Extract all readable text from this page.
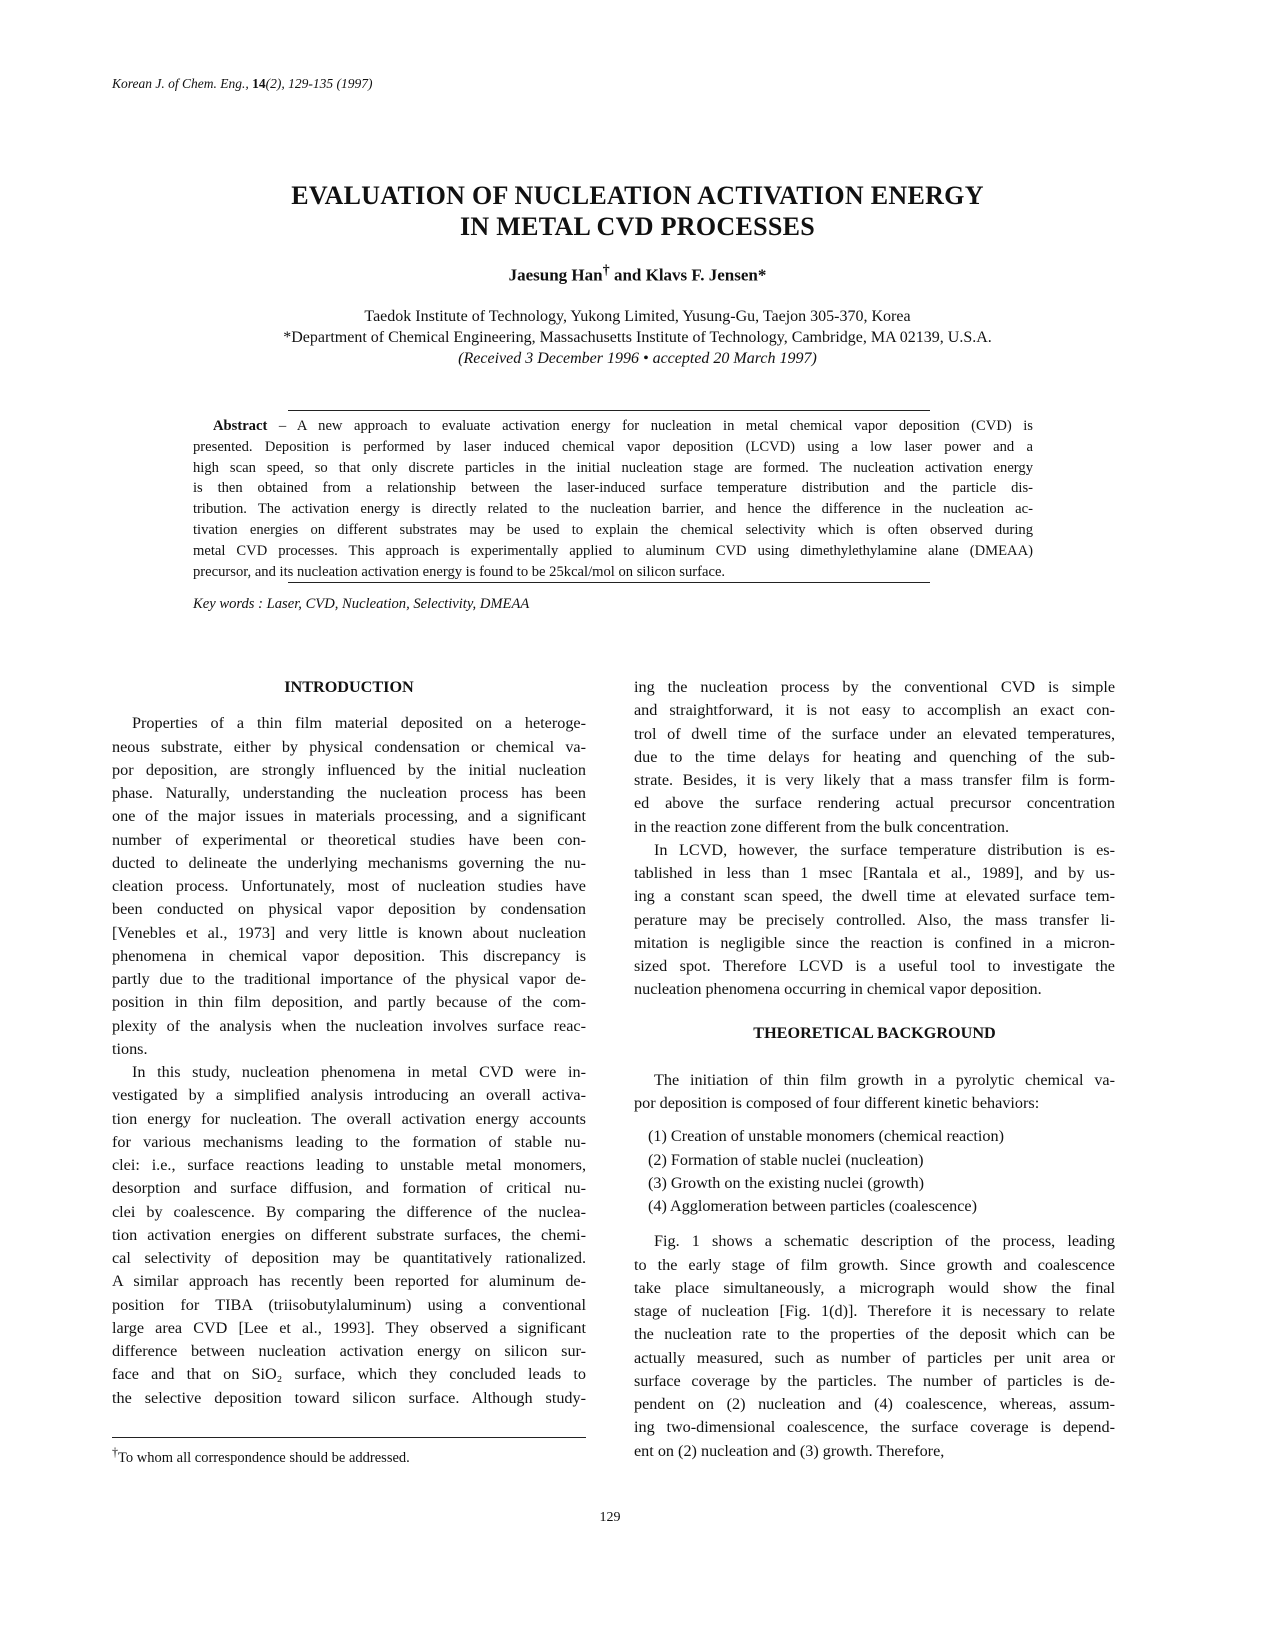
Korean J. of Chem. Eng., 14(2), 129-135 (1997)
EVALUATION OF NUCLEATION ACTIVATION ENERGY
IN METAL CVD PROCESSES
Jaesung Han† and Klavs F. Jensen*
Taedok Institute of Technology, Yukong Limited, Yusung-Gu, Taejon 305-370, Korea
*Department of Chemical Engineering, Massachusetts Institute of Technology, Cambridge, MA 02139, U.S.A.
(Received 3 December 1996 • accepted 20 March 1997)
Abstract – A new approach to evaluate activation energy for nucleation in metal chemical vapor deposition (CVD) is
presented. Deposition is performed by laser induced chemical vapor deposition (LCVD) using a low laser power and a
high scan speed, so that only discrete particles in the initial nucleation stage are formed. The nucleation activation energy
is then obtained from a relationship between the laser-induced surface temperature distribution and the particle dis-
tribution. The activation energy is directly related to the nucleation barrier, and hence the difference in the nucleation ac-
tivation energies on different substrates may be used to explain the chemical selectivity which is often observed during
metal CVD processes. This approach is experimentally applied to aluminum CVD using dimethylethylamine alane (DMEAA)
precursor, and its nucleation activation energy is found to be 25kcal/mol on silicon surface.
Key words : Laser, CVD, Nucleation, Selectivity, DMEAA
INTRODUCTION
Properties of a thin film material deposited on a heteroge-
neous substrate, either by physical condensation or chemical va-
por deposition, are strongly influenced by the initial nucleation
phase. Naturally, understanding the nucleation process has been
one of the major issues in materials processing, and a significant
number of experimental or theoretical studies have been con-
ducted to delineate the underlying mechanisms governing the nu-
cleation process. Unfortunately, most of nucleation studies have
been conducted on physical vapor deposition by condensation
[Venebles et al., 1973] and very little is known about nucleation
phenomena in chemical vapor deposition. This discrepancy is
partly due to the traditional importance of the physical vapor de-
position in thin film deposition, and partly because of the com-
plexity of the analysis when the nucleation involves surface reac-
tions.
In this study, nucleation phenomena in metal CVD were in-
vestigated by a simplified analysis introducing an overall activa-
tion energy for nucleation. The overall activation energy accounts
for various mechanisms leading to the formation of stable nu-
clei: i.e., surface reactions leading to unstable metal monomers,
desorption and surface diffusion, and formation of critical nu-
clei by coalescence. By comparing the difference of the nuclea-
tion activation energies on different substrate surfaces, the chemi-
cal selectivity of deposition may be quantitatively rationalized.
A similar approach has recently been reported for aluminum de-
position for TIBA (triisobutylaluminum) using a conventional
large area CVD [Lee et al., 1993]. They observed a significant
difference between nucleation activation energy on silicon sur-
face and that on SiO₂ surface, which they concluded leads to
the selective deposition toward silicon surface. Although study-
†To whom all correspondence should be addressed.
ing the nucleation process by the conventional CVD is simple
and straightforward, it is not easy to accomplish an exact con-
trol of dwell time of the surface under an elevated temperatures,
due to the time delays for heating and quenching of the sub-
strate. Besides, it is very likely that a mass transfer film is form-
ed above the surface rendering actual precursor concentration
in the reaction zone different from the bulk concentration.
In LCVD, however, the surface temperature distribution is es-
tablished in less than 1 msec [Rantala et al., 1989], and by us-
ing a constant scan speed, the dwell time at elevated surface tem-
perature may be precisely controlled. Also, the mass transfer li-
mitation is negligible since the reaction is confined in a micron-
sized spot. Therefore LCVD is a useful tool to investigate the
nucleation phenomena occurring in chemical vapor deposition.
THEORETICAL BACKGROUND
The initiation of thin film growth in a pyrolytic chemical va-
por deposition is composed of four different kinetic behaviors:
(1) Creation of unstable monomers (chemical reaction)
(2) Formation of stable nuclei (nucleation)
(3) Growth on the existing nuclei (growth)
(4) Agglomeration between particles (coalescence)
Fig. 1 shows a schematic description of the process, leading
to the early stage of film growth. Since growth and coalescence
take place simultaneously, a micrograph would show the final
stage of nucleation [Fig. 1(d)]. Therefore it is necessary to relate
the nucleation rate to the properties of the deposit which can be
actually measured, such as number of particles per unit area or
surface coverage by the particles. The number of particles is de-
pendent on (2) nucleation and (4) coalescence, whereas, assum-
ing two-dimensional coalescence, the surface coverage is depend-
ent on (2) nucleation and (3) growth. Therefore,
129
